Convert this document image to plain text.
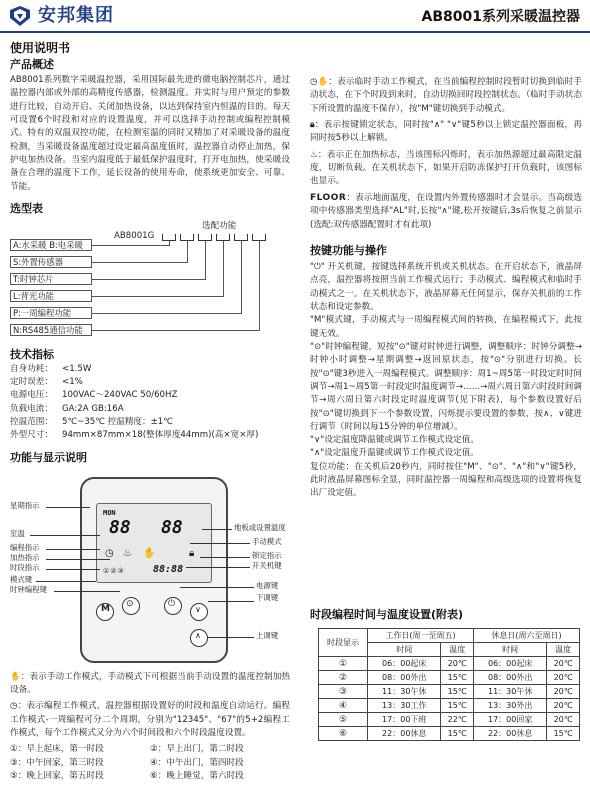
安邦集团	AB8001系列采暖温控器
使用说明书
产品概述
AB8001系列数字采暖温控器，采用国际最先进的微电脑控制芯片，通过温控器内部或外部的高精度传感器，检测温度。并实时与用户预定的参数进行比较，自动开启、关闭加热设备，以达到保持室内恒温的目的。每天可设置6个时段和对应的设置温度，并可以选择手动控制或编程控制模式。特有的双温双控功能，在检测室温的同时又精加了对采暖设备的温度检测，当采暖设备温度超过设定最高温度值时，温控器自动停止加热，保护电加热设备。当室内温度低于最低保护温度时，打开电加热，使采暖设备在合理的温度下工作，延长设备的使用寿命，使系统更加安全、可靠、节能。
选型表
选配功能
AB8001G
A:水采暖 B:电采暖
S:外置传感器
T:时钟芯片
L:背光功能
P:一周编程功能
N:RS485通信功能
技术指标
自身功耗：	<1.5W
定时误差：	<1%
电源电压：	100VAC～240VAC 50/60HZ
负载电流：	GA:2A GB:16A
控温范围：	5℃~35℃ 控温精度：±1℃
外型尺寸：	94mm×87mm×18(整体厚度44mm)(高×宽×厚)
功能与显示说明
MON
88 88
◷ ♨ ✋	🔒︎
88:88
①②③
M ⊙	⏻
∨
∧
星期指示
室温
编程指示
加热指示
时段指示
模式键
时钟编程键
地板或设置温度
手动模式
锁定指示
开关机键
电源键
下调键
上调键
✋：表示手动工作模式，手动模式下可根据当前手动设置的温度控制加热设备。
◷：表示编程工作模式，温控器根据设置好的时段和温度自动运行。编程工作模式-一周编程可分二个周期，分别为"12345"、"67"的5+2编程工作模式，每个工作模式又分为六个时间段和六个时段温度设置。
①：早上起床，第一时段	②：早上出门，第二时段
③：中午回家，第三时段	④：中午出门，第四时段
⑤：晚上回家，第五时段	⑥：晚上睡觉，第六时段
◷✋：表示临时手动工作模式，在当前编程控制时段暂时切换到临时手动状态，在下个时段到来时，自动切换回时段控制状态。（临时手动状态下所设置的温度不保存），按"M"键切换到手动模式。
🔒︎：表示按键锁定状态，同时按"∧" "∨"键5秒以上锁定温控器面板，再同时按5秒以上解锁。
♨：表示正在加热标志，当该图标闪烁时，表示加热源超过最高限定温度，切断负载。在关机状态下，如果开启防冻保护打开负载时，该图标也显示。
FLOOR：表示地面温度，在设置内外置传感器时才会显示。当高级选项中传感器类型选择"AL"时,长按"∧"键,松开按键后,3s后恢复之前显示(选配:双传感器配置时才有此项)
按键功能与操作
"⏻" 开关机键，按键选择系统开机或关机状态。在开启状态下，液晶屏点亮，温控器将按照当前工作模式运行；手动模式、编程模式和临时手动模式之一。在关机状态下，液晶屏幕无任何显示，保存关机前的工作状态和设定参数。
"M"模式键，手动模式与一周编程模式间的转换，在编程模式下，此按键无效。
"⊙"时钟编程键，短按"⊙"键对时钟进行调整，调整顺序：时钟分调整→时钟小时调整→星期调整→返回原状态，按"⊙"分别进行切换。长按"⊙"键3秒进入一周编程模式。调整顺序：周1~周5第一时段定时时间调节→周1~周5第一时段定时温度调节→……→周六周日第六时段时间调节→周六周日第六时段定时温度调节(见下附表)，每个参数设置好后按"⊙"键切换到下一个参数设置，闪烁提示要设置的参数，按∧、∨键进行调节（时间以每15分钟的单位增减）。
"∨"设定温度降温键或调节工作模式设定值。
"∧"设定温度升温键或调节工作模式设定值。
复位功能：在关机后20秒内，同时按住"M"、"⊙"、"∧"和"∨"键5秒，此时液晶屏幕图标全显，同时温控器一周编程和高级选项的设置将恢复出厂设定值。
时段编程时间与温度设置(附表)
时段显示	工作日(周一至周五)		休息日(周六至周日)	
	时间	温度	时间	温度
①	06：00起床	20℃	06：00起床	20℃
②	08：00外出	15℃	08：00外出	20℃
③	11：30午休	15℃	11：30午休	20℃
④	13：30工作	15℃	13：30外出	20℃
⑤	17：00下班	22℃	17：00回家	20℃
⑥	22：00休息	15℃	22：00休息	15℃
